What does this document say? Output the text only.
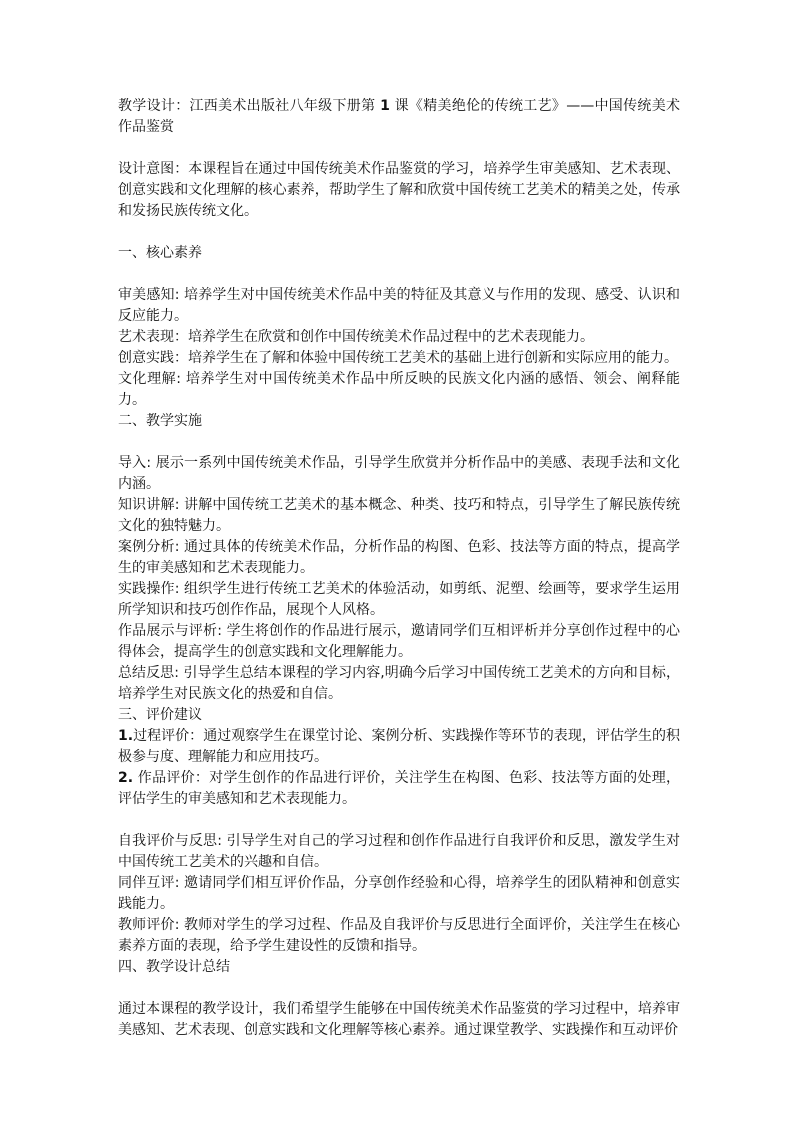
教学设计：江西美术出版社八年级下册第 1 课《精美绝伦的传统工艺》——中国传统美术作品鉴赏

设计意图：本课程旨在通过中国传统美术作品鉴赏的学习，培养学生审美感知、艺术表现、创意实践和文化理解的核心素养，帮助学生了解和欣赏中国传统工艺美术的精美之处，传承和发扬民族传统文化。

一、核心素养

审美感知: 培养学生对中国传统美术作品中美的特征及其意义与作用的发现、感受、认识和反应能力。

艺术表现：培养学生在欣赏和创作中国传统美术作品过程中的艺术表现能力。

创意实践：培养学生在了解和体验中国传统工艺美术的基础上进行创新和实际应用的能力。

文化理解: 培养学生对中国传统美术作品中所反映的民族文化内涵的感悟、领会、阐释能力。

二、教学实施

导入: 展示一系列中国传统美术作品，引导学生欣赏并分析作品中的美感、表现手法和文化内涵。

知识讲解: 讲解中国传统工艺美术的基本概念、种类、技巧和特点，引导学生了解民族传统文化的独特魅力。

案例分析: 通过具体的传统美术作品，分析作品的构图、色彩、技法等方面的特点，提高学生的审美感知和艺术表现能力。

实践操作: 组织学生进行传统工艺美术的体验活动，如剪纸、泥塑、绘画等，要求学生运用所学知识和技巧创作作品，展现个人风格。

作品展示与评析: 学生将创作的作品进行展示，邀请同学们互相评析并分享创作过程中的心得体会，提高学生的创意实践和文化理解能力。

总结反思: 引导学生总结本课程的学习内容,明确今后学习中国传统工艺美术的方向和目标，培养学生对民族文化的热爱和自信。

三、评价建议

1.过程评价：通过观察学生在课堂讨论、案例分析、实践操作等环节的表现，评估学生的积极参与度、理解能力和应用技巧。

2. 作品评价：对学生创作的作品进行评价，关注学生在构图、色彩、技法等方面的处理，评估学生的审美感知和艺术表现能力。

自我评价与反思: 引导学生对自己的学习过程和创作作品进行自我评价和反思，激发学生对中国传统工艺美术的兴趣和自信。

同伴互评: 邀请同学们相互评价作品，分享创作经验和心得，培养学生的团队精神和创意实践能力。

教师评价: 教师对学生的学习过程、作品及自我评价与反思进行全面评价，关注学生在核心素养方面的表现，给予学生建设性的反馈和指导。

四、教学设计总结

通过本课程的教学设计，我们希望学生能够在中国传统美术作品鉴赏的学习过程中，培养审美感知、艺术表现、创意实践和文化理解等核心素养。通过课堂教学、实践操作和互动评价
